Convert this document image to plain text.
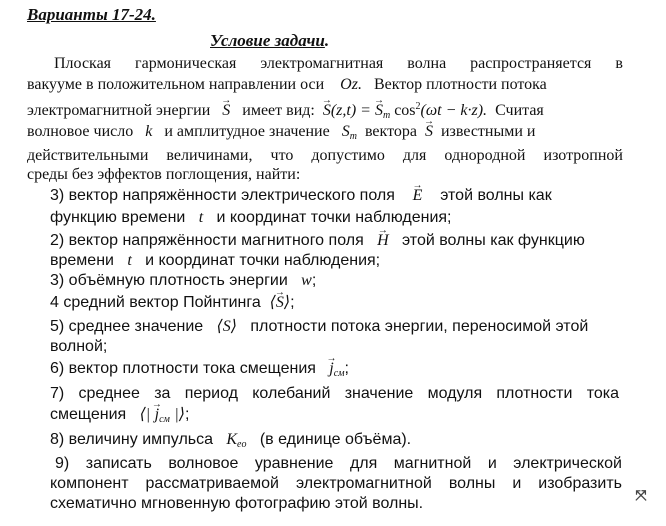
Варианты 17-24.
Условие задачи.
Плоская гармоническая электромагнитная волна распространяется в
вакууме в положительном направлении оси Oz. Вектор плотности потока
электромагнитной энергии → S имеет вид: → S(z,t) = → $S_m$ $\cos^2(\omega t - k\cdot z)$. Считая
волновое число k и амплитудное значение $S_m$ вектора → S известными и
действительными величинами, что допустимо для однородной изотропной
среды без эффектов поглощения, найти:
3) вектор напряжённости электрического поля → E этой волны как
функцию времени t и координат точки наблюдения;
2) вектор напряжённости магнитного поля → H этой волны как функцию
времени t и координат точки наблюдения;
3) объёмную плотность энергии w;
4 средний вектор Пойнтинга → ⟨S⟩;
5) среднее значение ⟨S⟩ плотности потока энергии, переносимой этой
волной;
6) вектор плотности тока смещения → $j_{см}$;
7) среднее за период колебаний значение модуля плотности тока
смещения ⟨| → $j_{см}$ |⟩;
8) величину импульса $K_{eo}$ (в единице объёма).
9) записать волновое уравнение для магнитной и электрической
компонент рассматриваемой электромагнитной волны и изобразить
схематично мгновенную фотографию этой волны.	⤧
